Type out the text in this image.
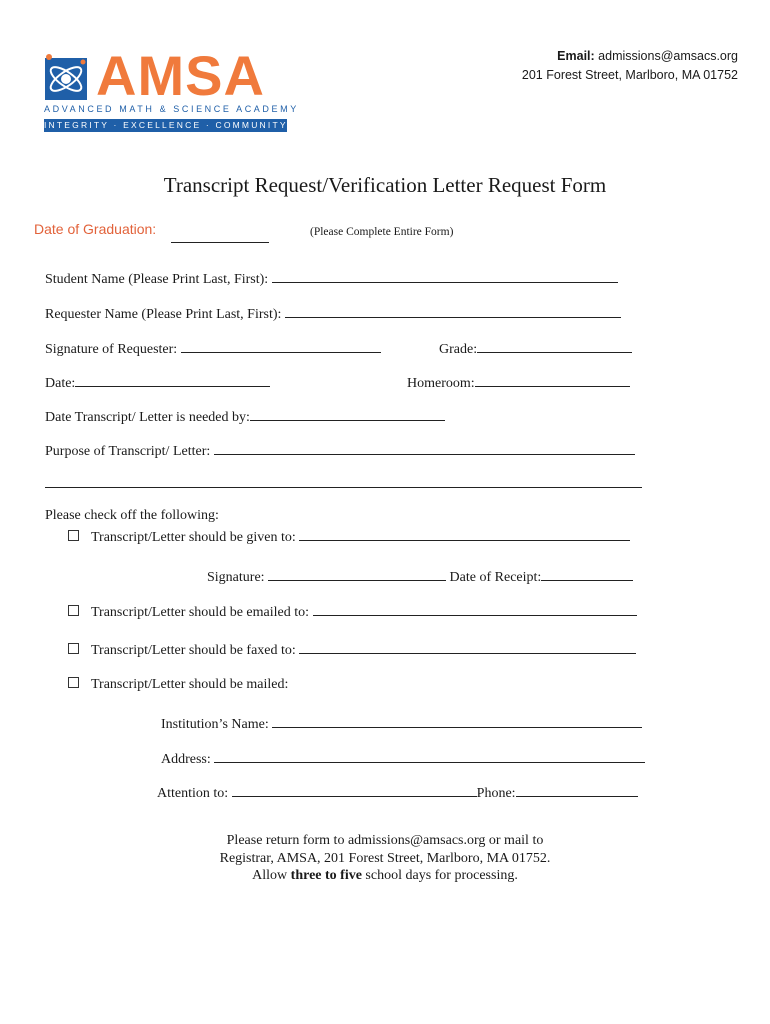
AMSA
ADVANCED MATH & SCIENCE ACADEMY
INTEGRITY · EXCELLENCE · COMMUNITY
Email: admissions@amsacs.org
201 Forest Street, Marlboro, MA 01752
Transcript Request/Verification Letter Request Form
Date of Graduation:	(Please Complete Entire Form)
Student Name (Please Print Last, First):
Requester Name (Please Print Last, First):
Signature of Requester:	Grade:
Date:	Homeroom:
Date Transcript/ Letter is needed by:
Purpose of Transcript/ Letter:
Please check off the following:
Transcript/Letter should be given to:
Signature:	Date of Receipt:
Transcript/Letter should be emailed to:
Transcript/Letter should be faxed to:
Transcript/Letter should be mailed:
Institution’s Name:
Address:
Attention to:	Phone:
Please return form to admissions@amsacs.org or mail to
Registrar, AMSA, 201 Forest Street, Marlboro, MA 01752.
Allow three to five school days for processing.
